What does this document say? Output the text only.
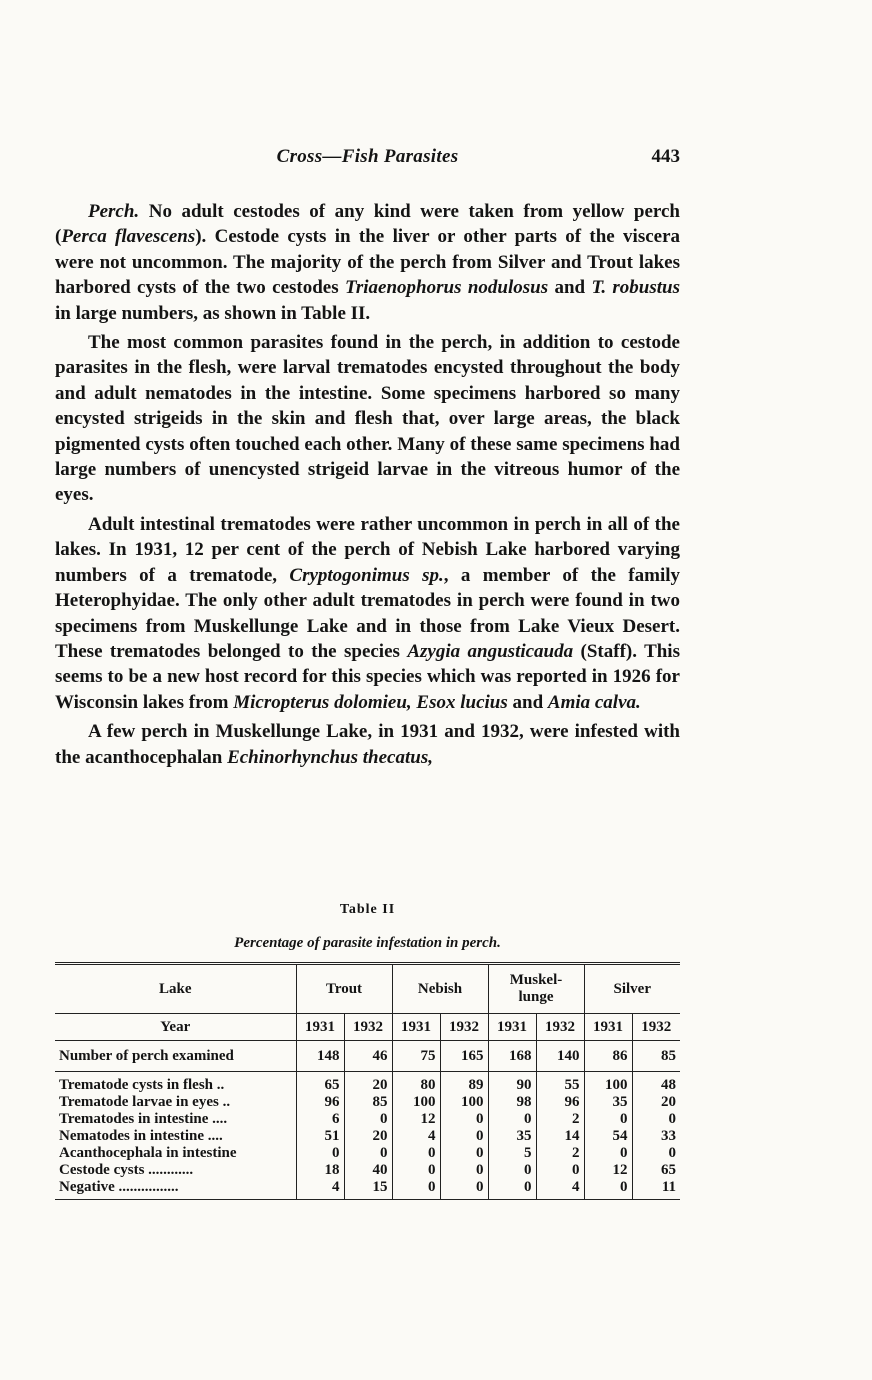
Cross—Fish Parasites	443

Perch. No adult cestodes of any kind were taken from yellow perch (Perca flavescens). Cestode cysts in the liver or other parts of the viscera were not uncommon. The majority of the perch from Silver and Trout lakes harbored cysts of the two cestodes Triaenophorus nodulosus and T. robustus in large numbers, as shown in Table II.

The most common parasites found in the perch, in addition to cestode parasites in the flesh, were larval trematodes encysted throughout the body and adult nematodes in the intestine. Some specimens harbored so many encysted strigeids in the skin and flesh that, over large areas, the black pigmented cysts often touched each other. Many of these same specimens had large numbers of unencysted strigeid larvae in the vitreous humor of the eyes.

Adult intestinal trematodes were rather uncommon in perch in all of the lakes. In 1931, 12 per cent of the perch of Nebish Lake harbored varying numbers of a trematode, Cryptogonimus sp., a member of the family Heterophyidae. The only other adult trematodes in perch were found in two specimens from Muskellunge Lake and in those from Lake Vieux Desert. These trematodes belonged to the species Azygia angusticauda (Staff). This seems to be a new host record for this species which was reported in 1926 for Wisconsin lakes from Micropterus dolomieu, Esox lucius and Amia calva.

A few perch in Muskellunge Lake, in 1931 and 1932, were infested with the acanthocephalan Echinorhynchus thecatus,

Table II
Percentage of parasite infestation in perch.
Lake	Trout		Nebish		Muskel-
lunge		Silver	
Year	1931	1932	1931	1932	1931	1932	1931	1932
Number of perch examined	148	46	75	165	168	140	86	85
Trematode cysts in flesh ..	65	20	80	89	90	55	100	48
Trematode larvae in eyes ..	96	85	100	100	98	96	35	20
Trematodes in intestine ....	6	0	12	0	0	2	0	0
Nematodes in intestine ....	51	20	4	0	35	14	54	33
Acanthocephala in intestine	0	0	0	0	5	2	0	0
Cestode cysts ............	18	40	0	0	0	0	12	65
Negative ................	4	15	0	0	0	4	0	11
